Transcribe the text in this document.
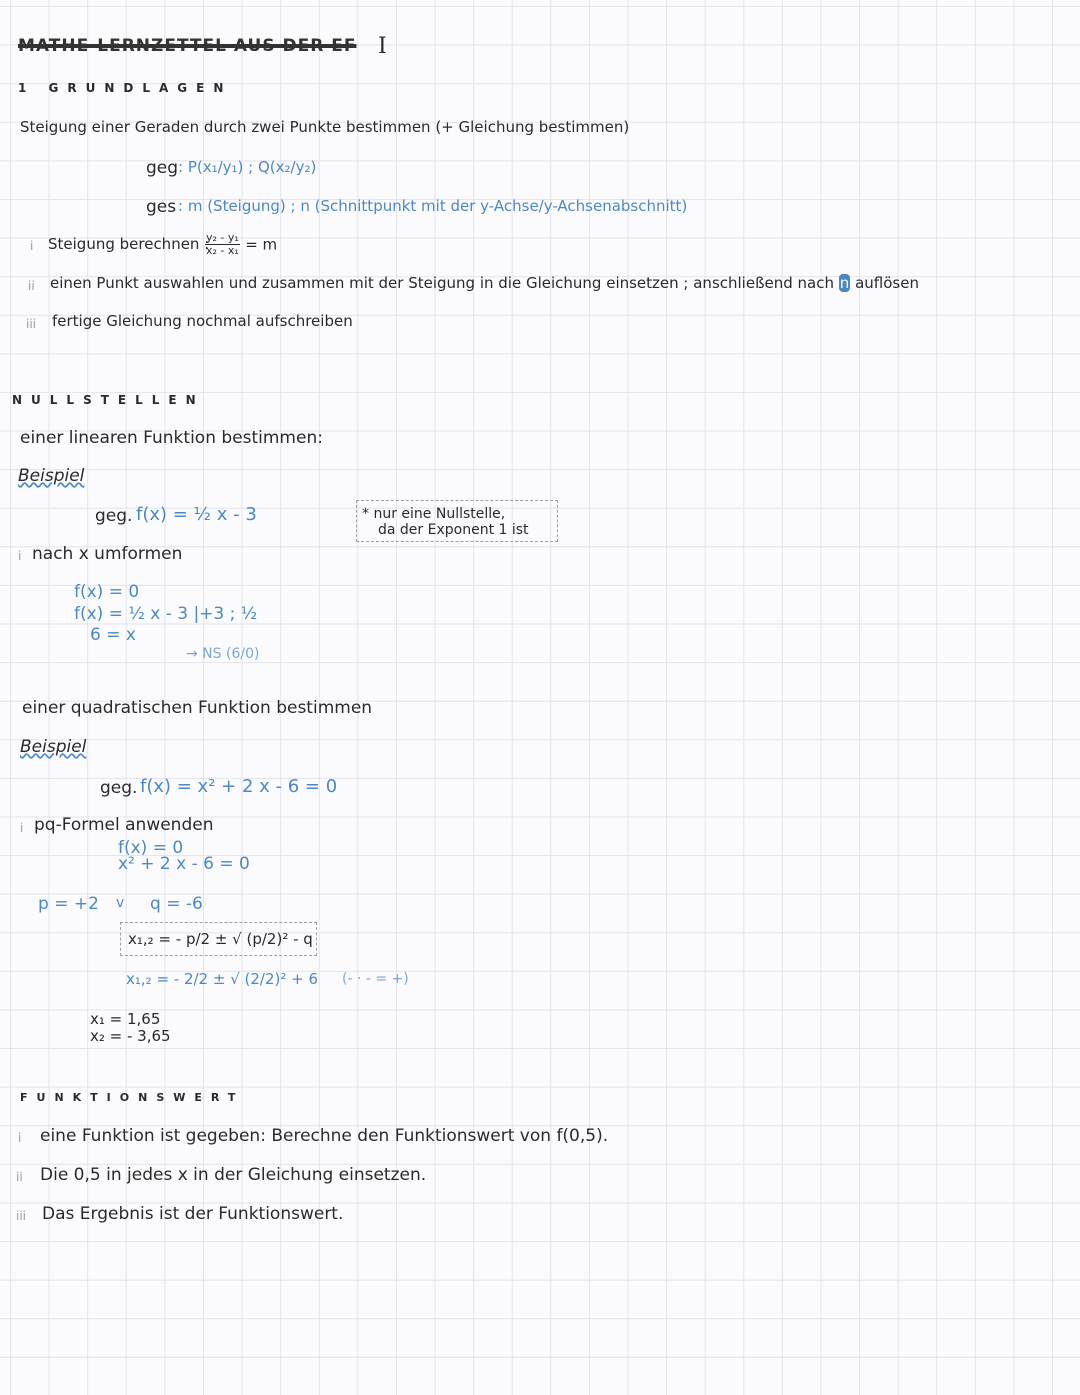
MATHE-LERNZETTEL AUS DER EF I
1 GRUNDLAGEN
Steigung einer Geraden durch zwei Punkte bestimmen (+ Gleichung bestimmen)
geg : P(x₁/y₁) ; Q(x₂/y₂)
ges : m (Steigung) ; n (Schnittpunkt mit der y-Achse/y-Achsenabschnitt)
i Steigung berechnen :
$\frac{\text{y₂ - y₁}}{\text{x₂ - x₁}} = m$
ii einen Punkt auswahlen und zusammen mit der Steigung in die Gleichung einsetzen ; anschließend nach n auflösen
iii fertige Gleichung nochmal aufschreiben
NULLSTELLEN
einer linearen Funktion bestimmen:
Beispiel
geg. f(x) = ½ x - 3	* nur eine Nullstelle,
da der Exponent 1 ist
i nach x umformen
f(x) = 0
f(x) = ½ x - 3 |+3 ; ½
6 = x
→ NS (6/0)
einer quadratischen Funktion bestimmen
Beispiel
geg. f(x) = x² + 2 x - 6 = 0
i pq-Formel anwenden
f(x) = 0
x² + 2 x - 6 = 0
p = +2 v q = -6
x₁,₂ = - p/2 ± √ (p/2)² - q
x₁,₂ = - 2/2 ± √ (2/2)² + 6 (- · - = +)
x₁ = 1,65
x₂ = - 3,65
FUNKTIONSWERT
i eine Funktion ist gegeben: Berechne den Funktionswert von f(0,5).
ii Die 0,5 in jedes x in der Gleichung einsetzen.
iii Das Ergebnis ist der Funktionswert.
